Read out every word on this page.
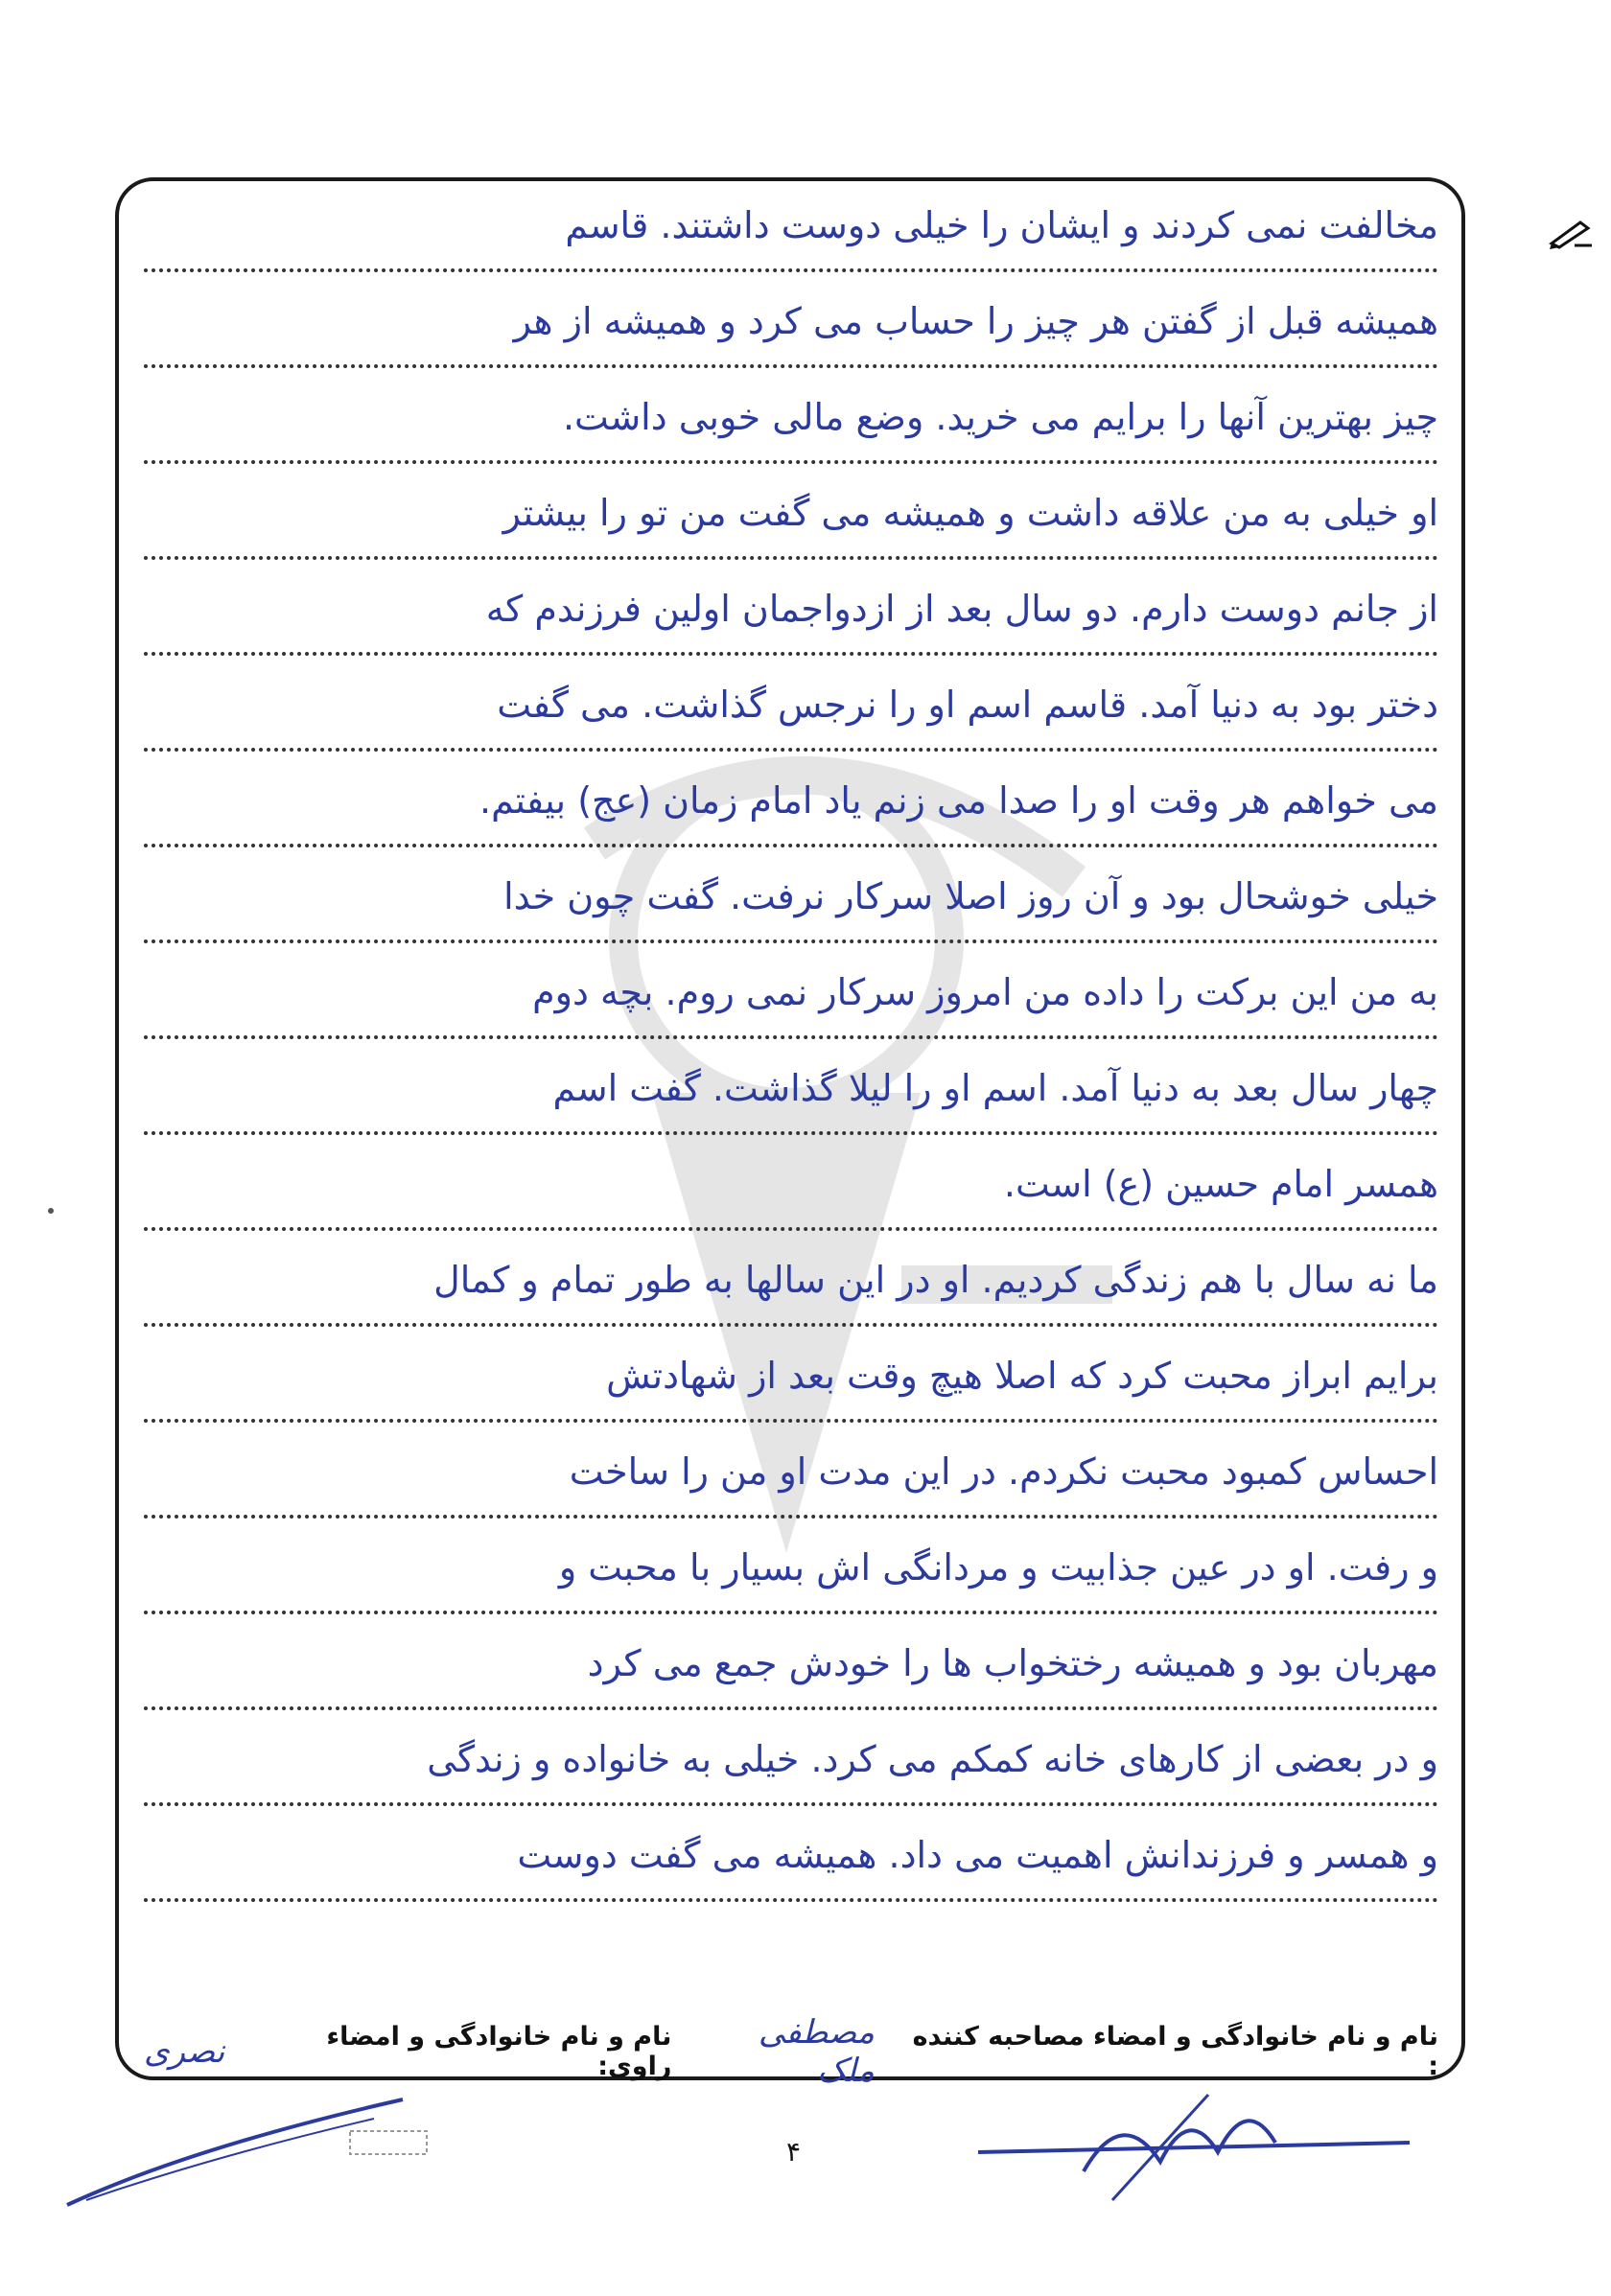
مخالفت نمی کردند و ایشان را خیلی دوست داشتند. قاسم
همیشه قبل از گفتن هر چیز را حساب می کرد و همیشه از هر
چیز بهترین آنها را برایم می خرید. وضع مالی خوبی داشت.
او خیلی به من علاقه داشت و همیشه می گفت من تو را بیشتر
از جانم دوست دارم. دو سال بعد از ازدواجمان اولین فرزندم که
دختر بود به دنیا آمد. قاسم اسم او را نرجس گذاشت. می گفت
می خواهم هر وقت او را صدا می زنم یاد امام زمان (عج) بیفتم.
خیلی خوشحال بود و آن روز اصلا سرکار نرفت. گفت چون خدا
به من این برکت را داده من امروز سرکار نمی روم. بچه دوم
چهار سال بعد به دنیا آمد. اسم او را لیلا گذاشت. گفت اسم
همسر امام حسین (ع) است.
ما نه سال با هم زندگی کردیم. او در این سالها به طور تمام و کمال
برایم ابراز محبت کرد که اصلا هیچ وقت بعد از شهادتش
احساس کمبود محبت نکردم. در این مدت او من را ساخت
و رفت. او در عین جذابیت و مردانگی اش بسیار با محبت و
مهربان بود و همیشه رختخواب ها را خودش جمع می کرد
و در بعضی از کارهای خانه کمکم می کرد. خیلی به خانواده و زندگی
و همسر و فرزندانش اهمیت می داد. همیشه می گفت دوست
نام و نام خانوادگی و امضاء مصاحبه کننده :
مصطفی ملک
نام و نام خانوادگی و امضاء راوی:
نصری
۴
